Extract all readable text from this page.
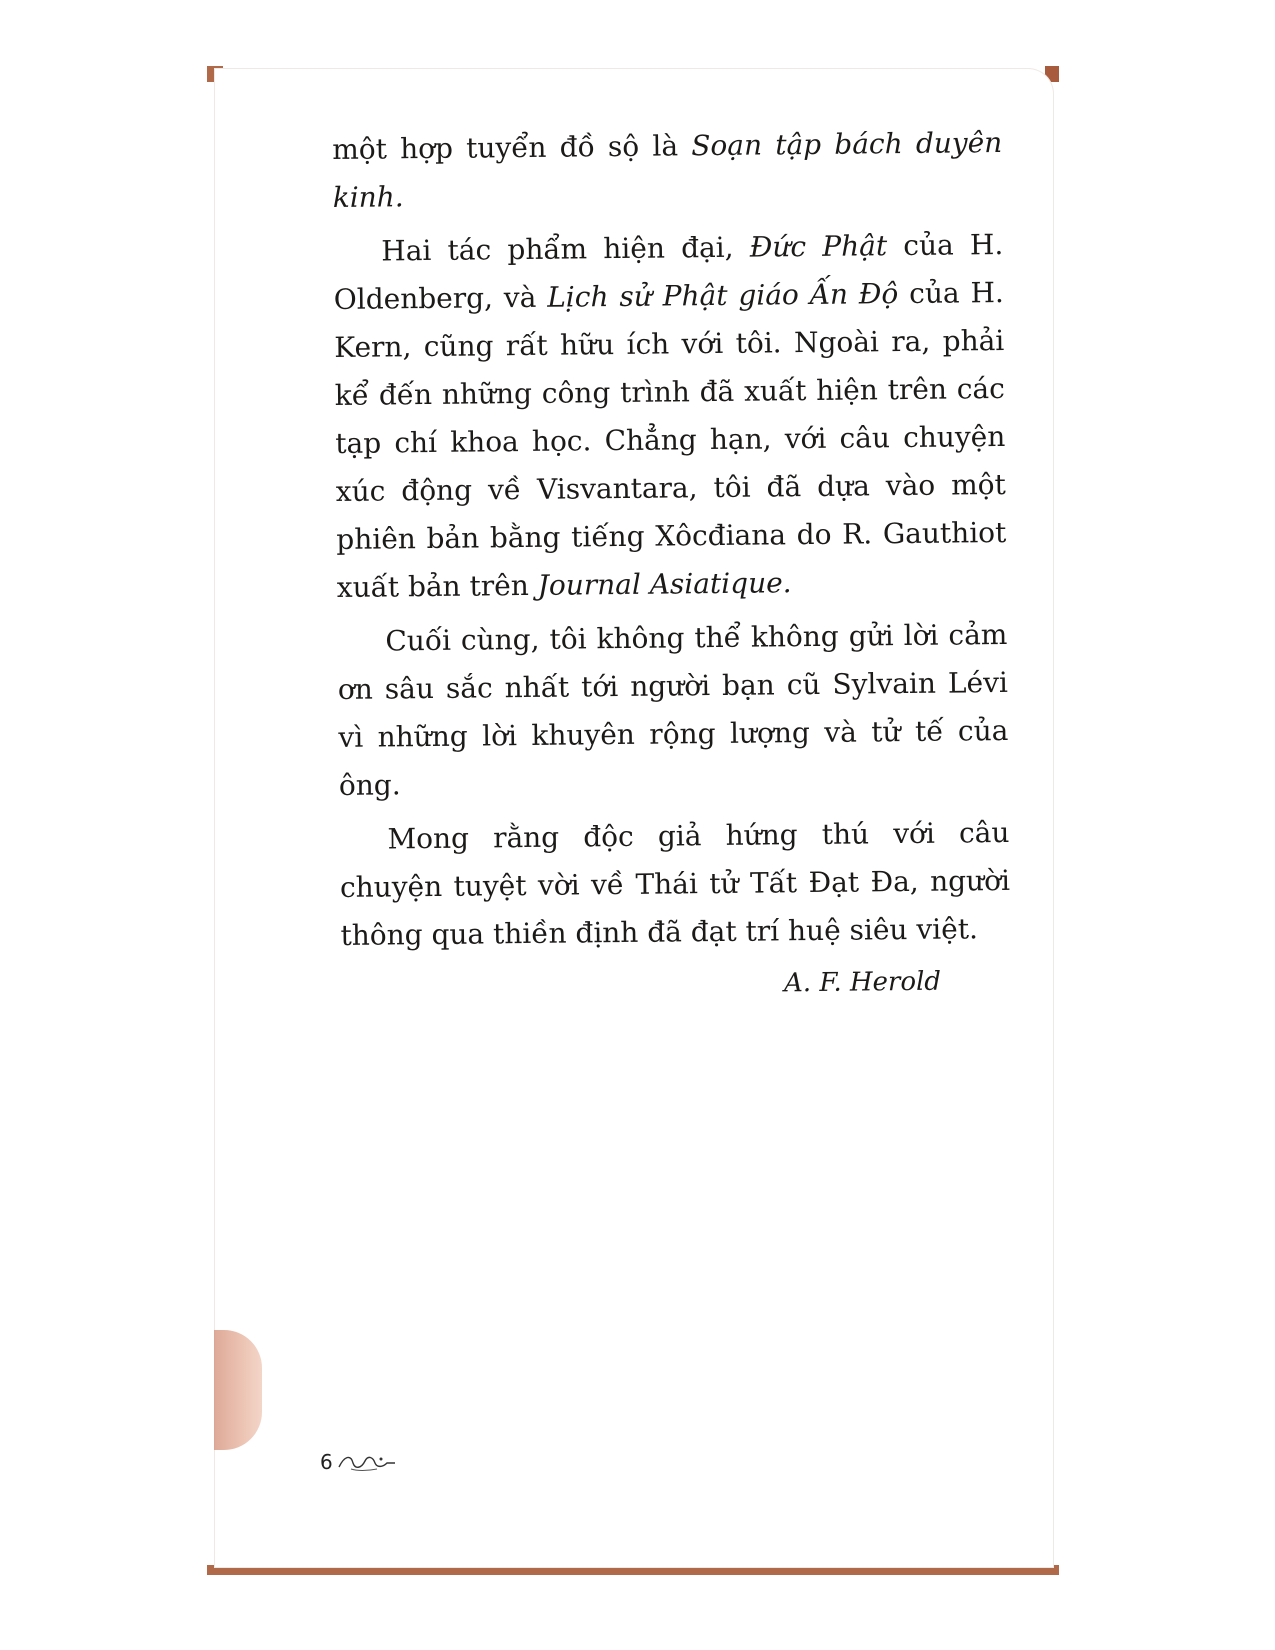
một hợp tuyển đồ sộ là Soạn tập bách duyên kinh.

Hai tác phẩm hiện đại, Đức Phật của H. Oldenberg, và Lịch sử Phật giáo Ấn Độ của H. Kern, cũng rất hữu ích với tôi. Ngoài ra, phải kể đến những công trình đã xuất hiện trên các tạp chí khoa học. Chẳng hạn, với câu chuyện xúc động về Visvantara, tôi đã dựa vào một phiên bản bằng tiếng Xôcđiana do R. Gauthiot xuất bản trên Journal Asiatique.

Cuối cùng, tôi không thể không gửi lời cảm ơn sâu sắc nhất tới người bạn cũ Sylvain Lévi vì những lời khuyên rộng lượng và tử tế của ông.

Mong rằng độc giả hứng thú với câu chuyện tuyệt vời về Thái tử Tất Đạt Đa, người thông qua thiền định đã đạt trí huệ siêu việt.

A. F. Herold
6
